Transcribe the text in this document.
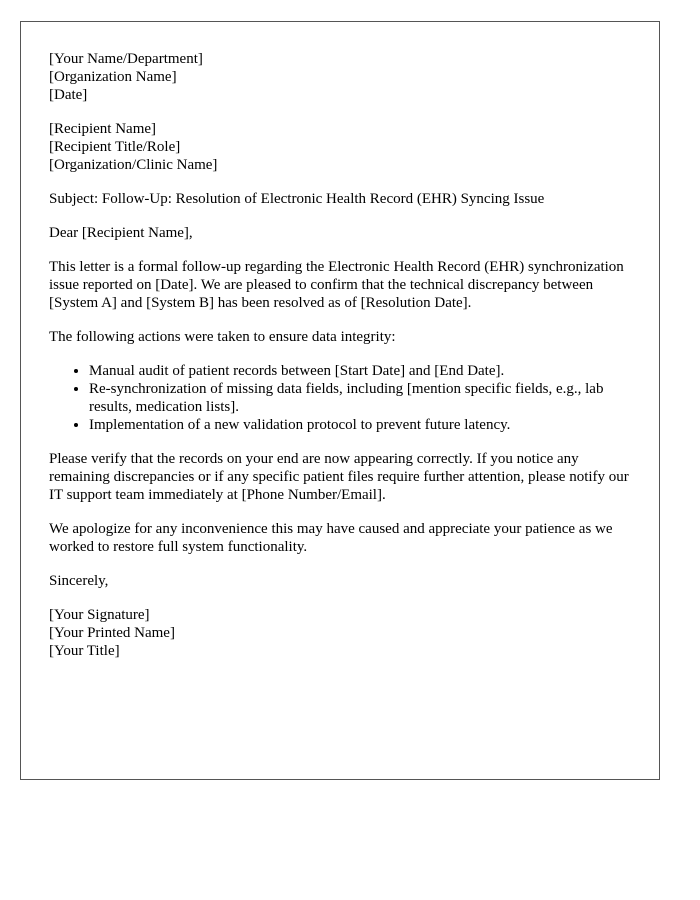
[Your Name/Department]
[Organization Name]
[Date]
[Recipient Name]
[Recipient Title/Role]
[Organization/Clinic Name]

Subject: Follow-Up: Resolution of Electronic Health Record (EHR) Syncing Issue

Dear [Recipient Name],

This letter is a formal follow-up regarding the Electronic Health Record (EHR) synchronization issue reported on [Date]. We are pleased to confirm that the technical discrepancy between [System A] and [System B] has been resolved as of [Resolution Date].

The following actions were taken to ensure data integrity:

• Manual audit of patient records between [Start Date] and [End Date].
• Re-synchronization of missing data fields, including [mention specific fields, e.g., lab results, medication lists].
• Implementation of a new validation protocol to prevent future latency.

Please verify that the records on your end are now appearing correctly. If you notice any remaining discrepancies or if any specific patient files require further attention, please notify our IT support team immediately at [Phone Number/Email].

We apologize for any inconvenience this may have caused and appreciate your patience as we worked to restore full system functionality.

Sincerely,

[Your Signature]
[Your Printed Name]
[Your Title]
